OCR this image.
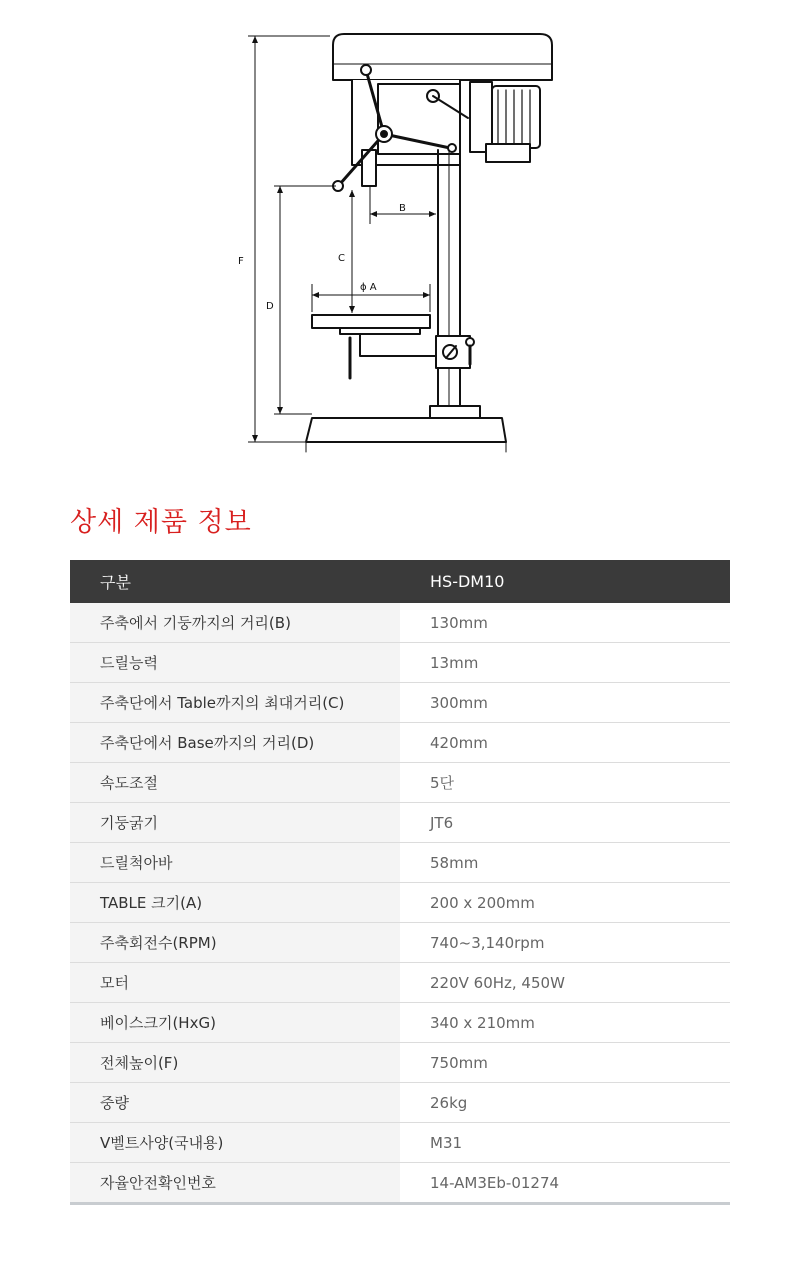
F
D
C
B
ϕ A
상세 제품 정보
구분	HS-DM10
주축에서 기둥까지의 거리(B)	130mm
드릴능력	13mm
주축단에서 Table까지의 최대거리(C)	300mm
주축단에서 Base까지의 거리(D)	420mm
속도조절	5단
기둥굵기	JT6
드릴척아바	58mm
TABLE 크기(A)	200 x 200mm
주축회전수(RPM)	740~3,140rpm
모터	220V 60Hz, 450W
베이스크기(HxG)	340 x 210mm
전체높이(F)	750mm
중량	26kg
V벨트사양(국내용)	M31
자율안전확인번호	14-AM3Eb-01274
